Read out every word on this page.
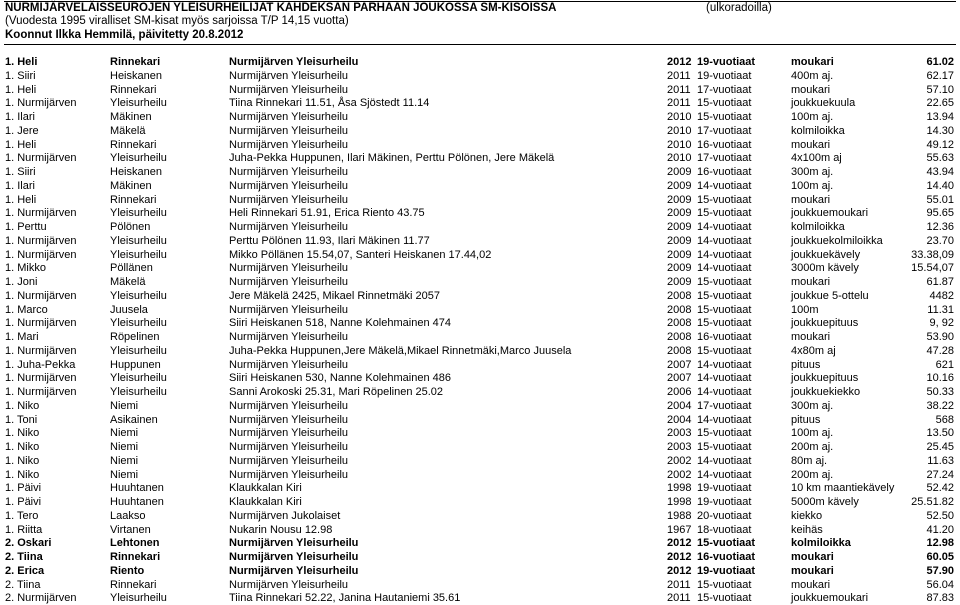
NURMIJÄRVELÄISSEUROJEN YLEISURHEILIJAT KAHDEKSAN PARHAAN JOUKOSSA SM-KISOISSA	(ulkoradoilla)
(Vuodesta 1995 viralliset SM-kisat myös sarjoissa T/P 14,15 vuotta)
Koonnut Ilkka Hemmilä, päivitetty 20.8.2012
1. Heli	Rinnekari	Nurmijärven Yleisurheilu	2012 19-vuotiaat	moukari	61.02
1. Siiri	Heiskanen	Nurmijärven Yleisurheilu	2011 19-vuotiaat	400m aj.	62.17
1. Heli	Rinnekari	Nurmijärven Yleisurheilu	2011 17-vuotiaat	moukari	57.10
1. Nurmijärven	Yleisurheilu	Tiina Rinnekari 11.51, Åsa Sjöstedt 11.14	2011 15-vuotiaat	joukkuekuula	22.65
1. Ilari	Mäkinen	Nurmijärven Yleisurheilu	2010 15-vuotiaat	100m aj.	13.94
1. Jere	Mäkelä	Nurmijärven Yleisurheilu	2010 17-vuotiaat	kolmiloikka	14.30
1. Heli	Rinnekari	Nurmijärven Yleisurheilu	2010 16-vuotiaat	moukari	49.12
1. Nurmijärven	Yleisurheilu	Juha-Pekka Huppunen, Ilari Mäkinen, Perttu Pölönen, Jere Mäkelä	2010 17-vuotiaat	4x100m aj	55.63
1. Siiri	Heiskanen	Nurmijärven Yleisurheilu	2009 16-vuotiaat	300m aj.	43.94
1. Ilari	Mäkinen	Nurmijärven Yleisurheilu	2009 14-vuotiaat	100m aj.	14.40
1. Heli	Rinnekari	Nurmijärven Yleisurheilu	2009 15-vuotiaat	moukari	55.01
1. Nurmijärven	Yleisurheilu	Heli Rinnekari 51.91, Erica Riento 43.75	2009 15-vuotiaat	joukkuemoukari	95.65
1. Perttu	Pölönen	Nurmijärven Yleisurheilu	2009 14-vuotiaat	kolmiloikka	12.36
1. Nurmijärven	Yleisurheilu	Perttu Pölönen 11.93, Ilari Mäkinen 11.77	2009 14-vuotiaat	joukkuekolmiloikka	23.70
1. Nurmijärven	Yleisurheilu	Mikko Pöllänen 15.54,07, Santeri Heiskanen 17.44,02	2009 14-vuotiaat	joukkuekävely	33.38,09
1. Mikko	Pöllänen	Nurmijärven Yleisurheilu	2009 14-vuotiaat	3000m kävely	15.54,07
1. Joni	Mäkelä	Nurmijärven Yleisurheilu	2009 15-vuotiaat	moukari	61.87
1. Nurmijärven	Yleisurheilu	Jere Mäkelä 2425, Mikael Rinnetmäki 2057	2008 15-vuotiaat	joukkue 5-ottelu	4482
1. Marco	Juusela	Nurmijärven Yleisurheilu	2008 15-vuotiaat	100m	11.31
1. Nurmijärven	Yleisurheilu	Siiri Heiskanen 518, Nanne Kolehmainen 474	2008 15-vuotiaat	joukkuepituus	9, 92
1. Mari	Röpelinen	Nurmijärven Yleisurheilu	2008 16-vuotiaat	moukari	53.90
1. Nurmijärven	Yleisurheilu	Juha-Pekka Huppunen,Jere Mäkelä,Mikael Rinnetmäki,Marco Juusela	2008 15-vuotiaat	4x80m aj	47.28
1. Juha-Pekka	Huppunen	Nurmijärven Yleisurheilu	2007 14-vuotiaat	pituus	621
1. Nurmijärven	Yleisurheilu	Siiri Heiskanen 530, Nanne Kolehmainen 486	2007 14-vuotiaat	joukkuepituus	10.16
1. Nurmijärven	Yleisurheilu	Sanni Arokoski 25.31, Mari Röpelinen 25.02	2006 14-vuotiaat	joukkuekiekko	50.33
1. Niko	Niemi	Nurmijärven Yleisurheilu	2004 17-vuotiaat	300m aj.	38.22
1. Toni	Asikainen	Nurmijärven Yleisurheilu	2004 14-vuotiaat	pituus	568
1. Niko	Niemi	Nurmijärven Yleisurheilu	2003 15-vuotiaat	100m aj.	13.50
1. Niko	Niemi	Nurmijärven Yleisurheilu	2003 15-vuotiaat	200m aj.	25.45
1. Niko	Niemi	Nurmijärven Yleisurheilu	2002 14-vuotiaat	80m aj.	11.63
1. Niko	Niemi	Nurmijärven Yleisurheilu	2002 14-vuotiaat	200m aj.	27.24
1. Päivi	Huuhtanen	Klaukkalan Kiri	1998 19-vuotiaat	10 km maantiekävely	52.42
1. Päivi	Huuhtanen	Klaukkalan Kiri	1998 19-vuotiaat	5000m kävely	25.51.82
1. Tero	Laakso	Nurmijärven Jukolaiset	1988 20-vuotiaat	kiekko	52.50
1. Riitta	Virtanen	Nukarin Nousu 12.98	1967 18-vuotiaat	keihäs	41.20
2. Oskari	Lehtonen	Nurmijärven Yleisurheilu	2012 15-vuotiaat	kolmiloikka	12.98
2. Tiina	Rinnekari	Nurmijärven Yleisurheilu	2012 16-vuotiaat	moukari	60.05
2. Erica	Riento	Nurmijärven Yleisurheilu	2012 19-vuotiaat	moukari	57.90
2. Tiina	Rinnekari	Nurmijärven Yleisurheilu	2011 15-vuotiaat	moukari	56.04
2. Nurmijärven	Yleisurheilu	Tiina Rinnekari 52.22, Janina Hautaniemi 35.61	2011 15-vuotiaat	joukkuemoukari	87.83
